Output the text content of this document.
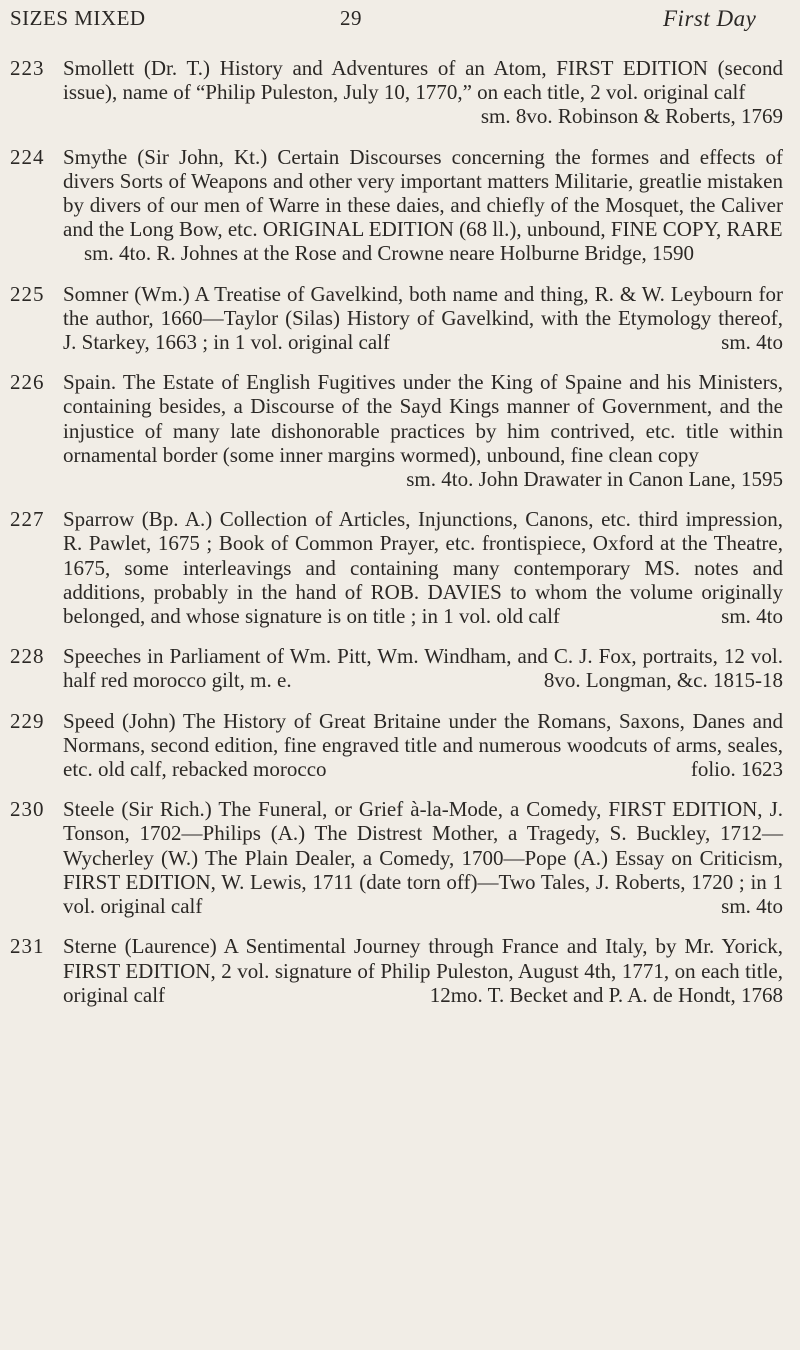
SIZES MIXED	29	First Day
223 Smollett (Dr. T.) History and Adventures of an Atom, FIRST EDITION (second issue), name of “Philip Puleston, July 10, 1770,” on each title, 2 vol. original calf
sm. 8vo. Robinson & Roberts, 1769
224 Smythe (Sir John, Kt.) Certain Discourses concerning the formes and effects of divers Sorts of Weapons and other very important matters Militarie, greatlie mistaken by divers of our men of Warre in these daies, and chiefly of the Mosquet, the Caliver and the Long Bow, etc. ORIGINAL EDITION (68 ll.), unbound, FINE COPY, RARE
sm. 4to. R. Johnes at the Rose and Crowne neare Holburne Bridge, 1590
225 Somner (Wm.) A Treatise of Gavelkind, both name and thing, R. & W. Leybourn for the author, 1660—Taylor (Silas) History of Gavelkind, with the Etymology thereof, J. Starkey, 1663 ; in 1 vol. original calf	sm. 4to
226 Spain. The Estate of English Fugitives under the King of Spaine and his Ministers, containing besides, a Discourse of the Sayd Kings manner of Government, and the injustice of many late dishonorable practices by him contrived, etc. title within ornamental border (some inner margins wormed), unbound, fine clean copy
sm. 4to. John Drawater in Canon Lane, 1595
227 Sparrow (Bp. A.) Collection of Articles, Injunctions, Canons, etc. third impression, R. Pawlet, 1675 ; Book of Common Prayer, etc. frontispiece, Oxford at the Theatre, 1675, some interleavings and containing many contemporary MS. notes and additions, probably in the hand of ROB. DAVIES to whom the volume originally belonged, and whose signature is on title ; in 1 vol. old calf	sm. 4to
228 Speeches in Parliament of Wm. Pitt, Wm. Windham, and C. J. Fox, portraits, 12 vol. half red morocco gilt, m. e.	8vo. Longman, &c. 1815-18
229 Speed (John) The History of Great Britaine under the Romans, Saxons, Danes and Normans, second edition, fine engraved title and numerous woodcuts of arms, seales, etc. old calf, rebacked morocco	folio. 1623
230 Steele (Sir Rich.) The Funeral, or Grief à-la-Mode, a Comedy, FIRST EDITION, J. Tonson, 1702—Philips (A.) The Distrest Mother, a Tragedy, S. Buckley, 1712—Wycherley (W.) The Plain Dealer, a Comedy, 1700—Pope (A.) Essay on Criticism, FIRST EDITION, W. Lewis, 1711 (date torn off)—Two Tales, J. Roberts, 1720 ; in 1 vol. original calf	sm. 4to
231 Sterne (Laurence) A Sentimental Journey through France and Italy, by Mr. Yorick, FIRST EDITION, 2 vol. signature of Philip Puleston, August 4th, 1771, on each title, original calf	12mo. T. Becket and P. A. de Hondt, 1768
